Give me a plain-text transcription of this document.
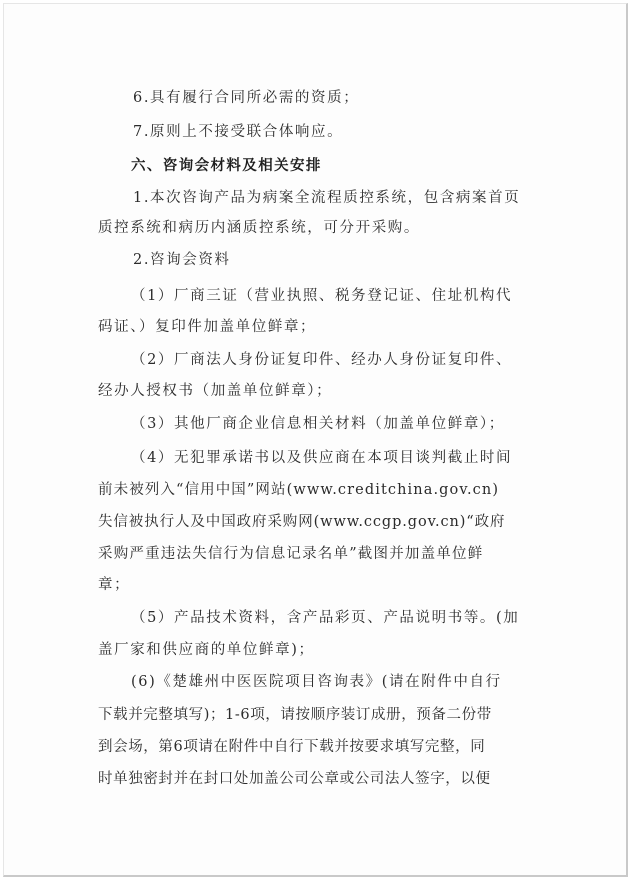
6.具有履行合同所必需的资质；
7.原则上不接受联合体响应。
六、咨询会材料及相关安排
1.本次咨询产品为病案全流程质控系统，包含病案首页
质控系统和病历内涵质控系统，可分开采购。
2.咨询会资料
（1）厂商三证（营业执照、税务登记证、住址机构代
码证、）复印件加盖单位鲜章；
（2）厂商法人身份证复印件、经办人身份证复印件、
经办人授权书（加盖单位鲜章）；
（3）其他厂商企业信息相关材料（加盖单位鲜章）；
（4）无犯罪承诺书以及供应商在本项目谈判截止时间
前未被列入“信用中国”网站(www.creditchina.gov.cn)
失信被执行人及中国政府采购网(www.ccgp.gov.cn)“政府
采购严重违法失信行为信息记录名单”截图并加盖单位鲜
章；
（5）产品技术资料，含产品彩页、产品说明书等。(加
盖厂家和供应商的单位鲜章)；
(6)《楚雄州中医医院项目咨询表》(请在附件中自行
下载并完整填写)；1-6项，请按顺序装订成册，预备二份带
到会场，第6项请在附件中自行下载并按要求填写完整，同
时单独密封并在封口处加盖公司公章或公司法人签字，以便
